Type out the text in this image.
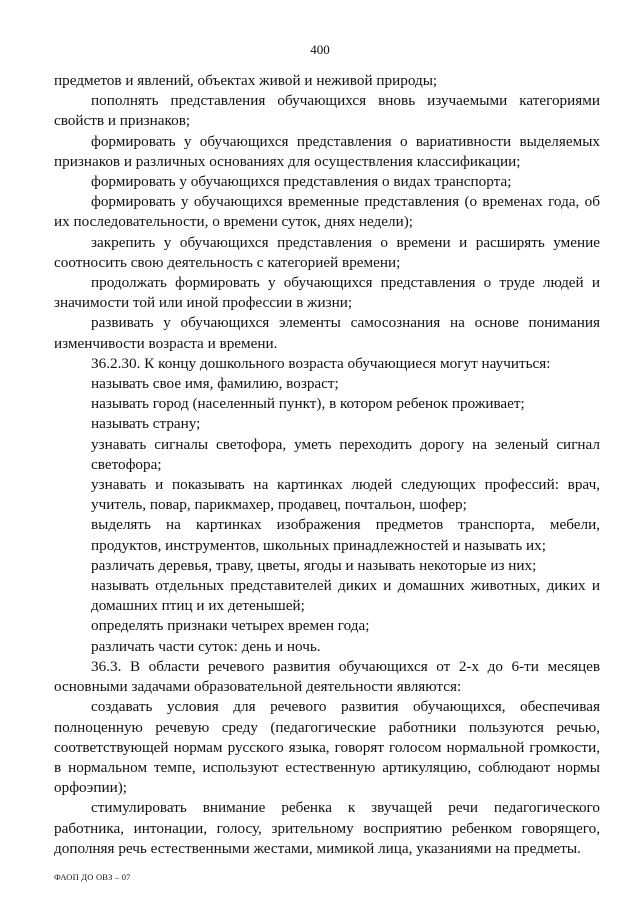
400

предметов и явлений, объектах живой и неживой природы;

пополнять представления обучающихся вновь изучаемыми категориями свойств и признаков;

формировать у обучающихся представления о вариативности выделяемых признаков и различных основаниях для осуществления классификации;

формировать у обучающихся представления о видах транспорта;

формировать у обучающихся временные представления (о временах года, об их последовательности, о времени суток, днях недели);

закрепить у обучающихся представления о времени и расширять умение соотносить свою деятельность с категорией времени;

продолжать формировать у обучающихся представления о труде людей и значимости той или иной профессии в жизни;

развивать у обучающихся элементы самосознания на основе понимания изменчивости возраста и времени.

36.2.30. К концу дошкольного возраста обучающиеся могут научиться:

называть свое имя, фамилию, возраст;

называть город (населенный пункт), в котором ребенок проживает;

называть страну;

узнавать сигналы светофора, уметь переходить дорогу на зеленый сигнал светофора;

узнавать и показывать на картинках людей следующих профессий: врач, учитель, повар, парикмахер, продавец, почтальон, шофер;

выделять на картинках изображения предметов транспорта, мебели, продуктов, инструментов, школьных принадлежностей и называть их;

различать деревья, траву, цветы, ягоды и называть некоторые из них;

называть отдельных представителей диких и домашних животных, диких и домашних птиц и их детенышей;

определять признаки четырех времен года;

различать части суток: день и ночь.

36.3. В области речевого развития обучающихся от 2-х до 6-ти месяцев основными задачами образовательной деятельности являются:

создавать условия для речевого развития обучающихся, обеспечивая полноценную речевую среду (педагогические работники пользуются речью, соответствующей нормам русского языка, говорят голосом нормальной громкости, в нормальном темпе, используют естественную артикуляцию, соблюдают нормы орфоэпии);

стимулировать внимание ребенка к звучащей речи педагогического работника, интонации, голосу, зрительному восприятию ребенком говорящего, дополняя речь естественными жестами, мимикой лица, указаниями на предметы.

ФАОП ДО ОВЗ – 07
